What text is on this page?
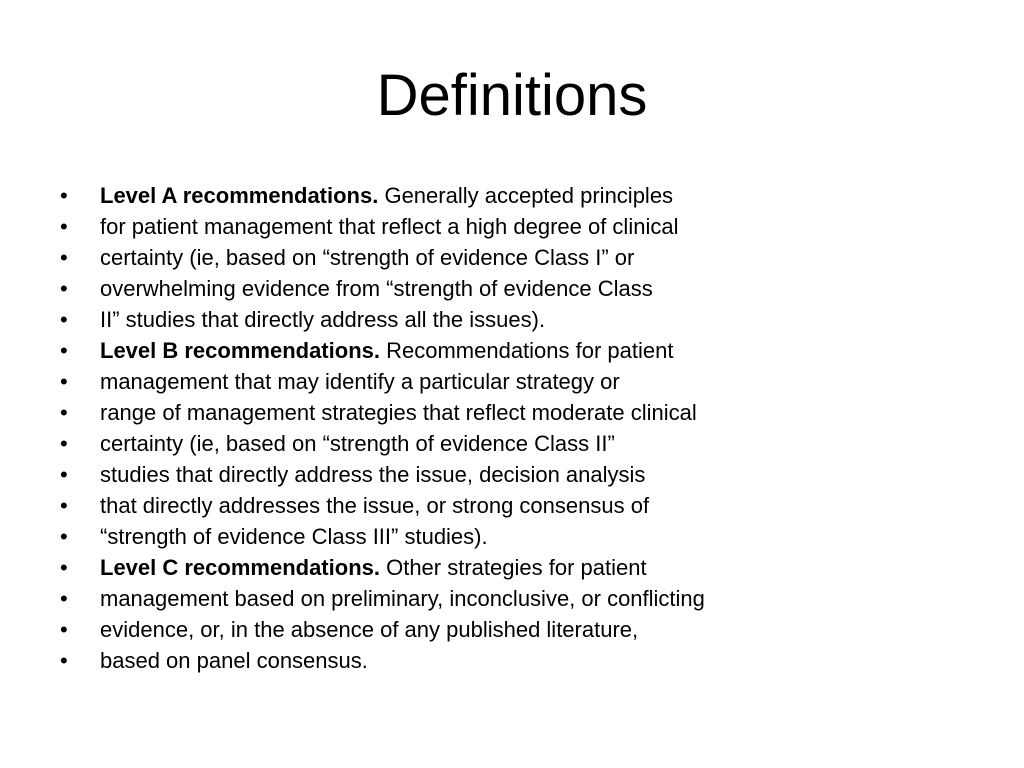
Definitions
•	Level A recommendations. Generally accepted principles
•	for patient management that reflect a high degree of clinical
•	certainty (ie, based on “strength of evidence Class I” or
•	overwhelming evidence from “strength of evidence Class
•	II” studies that directly address all the issues).
•	Level B recommendations. Recommendations for patient
•	management that may identify a particular strategy or
•	range of management strategies that reflect moderate clinical
•	certainty (ie, based on “strength of evidence Class II”
•	studies that directly address the issue, decision analysis
•	that directly addresses the issue, or strong consensus of
•	“strength of evidence Class III” studies).
•	Level C recommendations. Other strategies for patient
•	management based on preliminary, inconclusive, or conflicting
•	evidence, or, in the absence of any published literature,
•	based on panel consensus.
